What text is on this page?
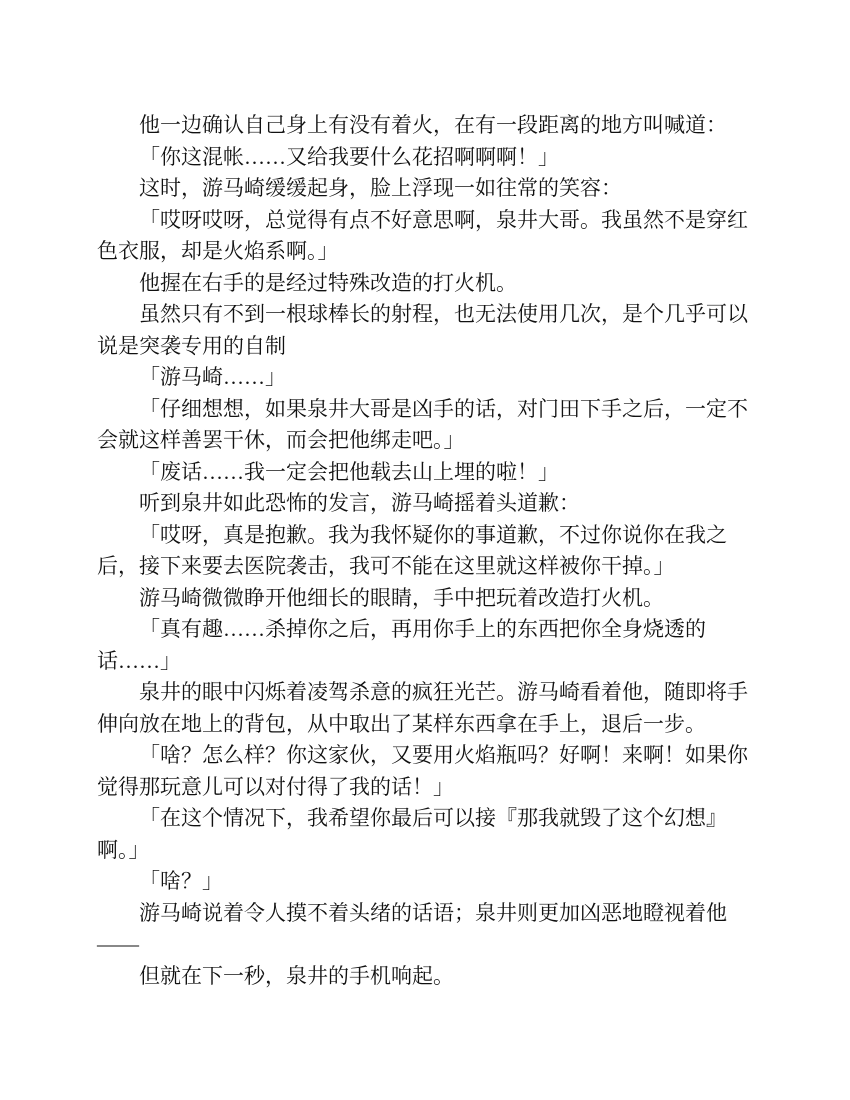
他一边确认自己身上有没有着火，在有一段距离的地方叫喊道：
「你这混帐……又给我要什么花招啊啊啊！」
这时，游马崎缓缓起身，脸上浮现一如往常的笑容：
「哎呀哎呀，总觉得有点不好意思啊，泉井大哥。我虽然不是穿红
色衣服，却是火焰系啊。」
他握在右手的是经过特殊改造的打火机。
虽然只有不到一根球棒长的射程，也无法使用几次，是个几乎可以
说是突袭专用的自制
「游马崎……」
「仔细想想，如果泉井大哥是凶手的话，对门田下手之后，一定不
会就这样善罢干休，而会把他绑走吧。」
「废话……我一定会把他载去山上埋的啦！」
听到泉井如此恐怖的发言，游马崎摇着头道歉：
「哎呀，真是抱歉。我为我怀疑你的事道歉，不过你说你在我之
后，接下来要去医院袭击，我可不能在这里就这样被你干掉。」
游马崎微微睁开他细长的眼睛，手中把玩着改造打火机。
「真有趣……杀掉你之后，再用你手上的东西把你全身烧透的
话……」
泉井的眼中闪烁着凌驾杀意的疯狂光芒。游马崎看着他，随即将手
伸向放在地上的背包，从中取出了某样东西拿在手上，退后一步。
「啥？怎么样？你这家伙，又要用火焰瓶吗？好啊！来啊！如果你
觉得那玩意儿可以对付得了我的话！」
「在这个情况下，我希望你最后可以接『那我就毁了这个幻想』
啊。」
「啥？」
游马崎说着令人摸不着头绪的话语；泉井则更加凶恶地瞪视着他
——
但就在下一秒，泉井的手机响起。
